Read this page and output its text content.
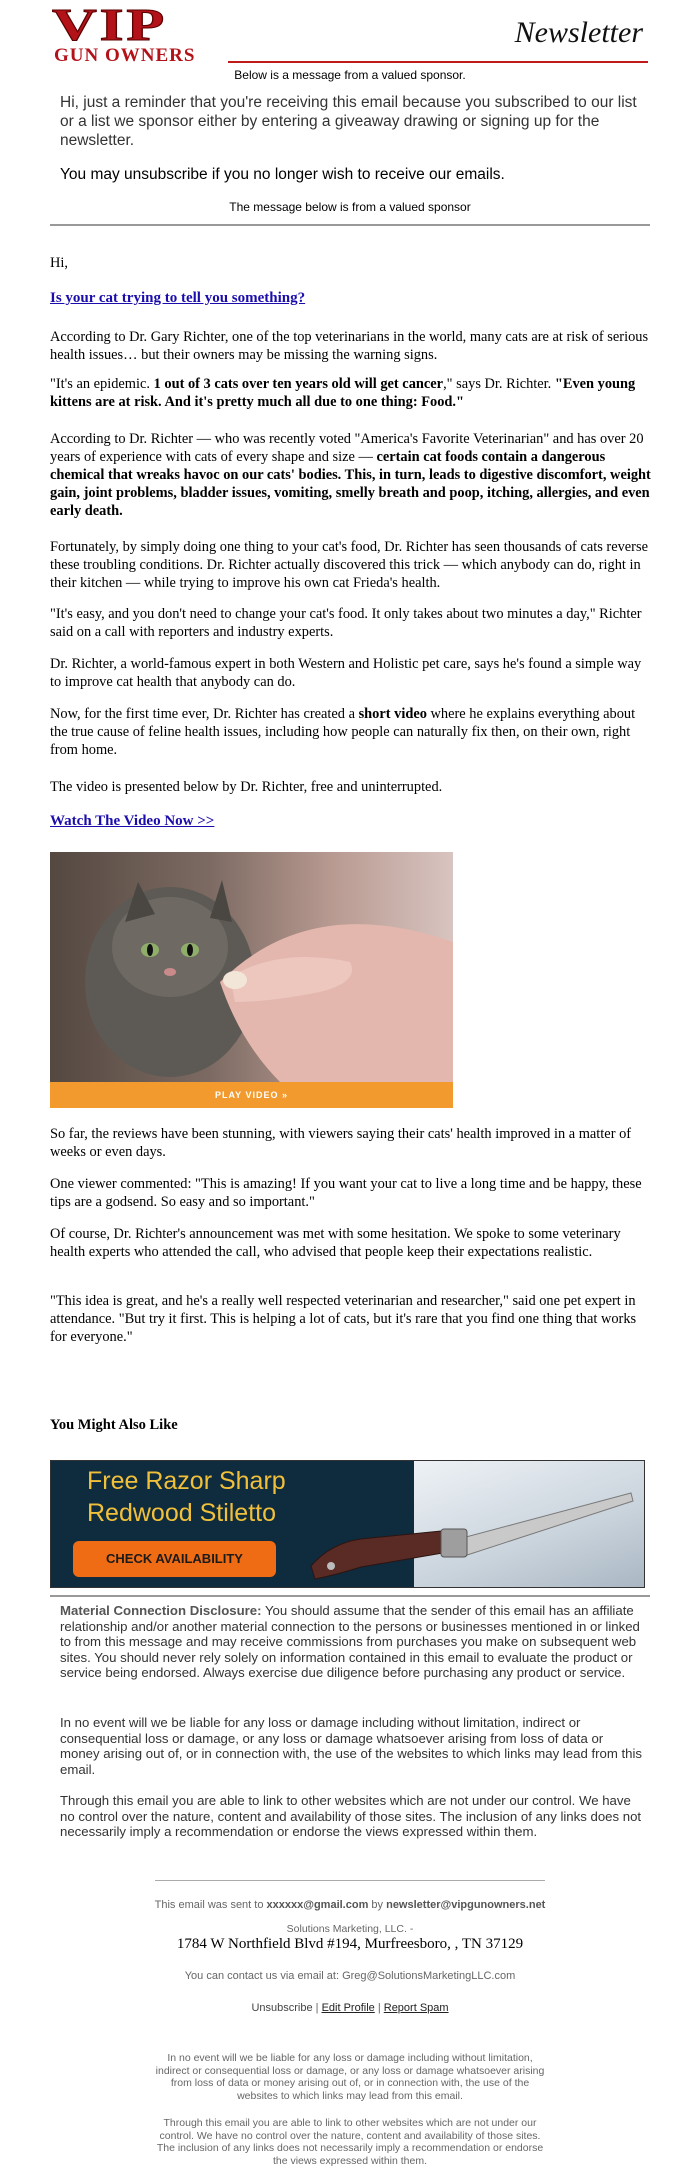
VIP
GUN OWNERS
Newsletter
Below is a message from a valued sponsor.
Hi, just a reminder that you're receiving this email because you subscribed to our list or a list we sponsor either by entering a giveaway drawing or signing up for the newsletter.
You may unsubscribe if you no longer wish to receive our emails.
The message below is from a valued sponsor
Hi,
Is your cat trying to tell you something?
According to Dr. Gary Richter, one of the top veterinarians in the world, many cats are at risk of serious health issues… but their owners may be missing the warning signs.
"It's an epidemic. 1 out of 3 cats over ten years old will get cancer," says Dr. Richter. "Even young kittens are at risk. And it's pretty much all due to one thing: Food."
According to Dr. Richter — who was recently voted "America's Favorite Veterinarian" and has over 20 years of experience with cats of every shape and size — certain cat foods contain a dangerous chemical that wreaks havoc on our cats' bodies. This, in turn, leads to digestive discomfort, weight gain, joint problems, bladder issues, vomiting, smelly breath and poop, itching, allergies, and even early death.
Fortunately, by simply doing one thing to your cat's food, Dr. Richter has seen thousands of cats reverse these troubling conditions. Dr. Richter actually discovered this trick — which anybody can do, right in their kitchen — while trying to improve his own cat Frieda's health.
"It's easy, and you don't need to change your cat's food. It only takes about two minutes a day," Richter said on a call with reporters and industry experts.
Dr. Richter, a world-famous expert in both Western and Holistic pet care, says he's found a simple way to improve cat health that anybody can do.
Now, for the first time ever, Dr. Richter has created a short video where he explains everything about the true cause of feline health issues, including how people can naturally fix then, on their own, right from home.
The video is presented below by Dr. Richter, free and uninterrupted.
Watch The Video Now >>
PLAY VIDEO »
So far, the reviews have been stunning, with viewers saying their cats' health improved in a matter of weeks or even days.
One viewer commented: "This is amazing! If you want your cat to live a long time and be happy, these tips are a godsend. So easy and so important."
Of course, Dr. Richter's announcement was met with some hesitation. We spoke to some veterinary health experts who attended the call, who advised that people keep their expectations realistic.
"This idea is great, and he's a really well respected veterinarian and researcher," said one pet expert in attendance. "But try it first. This is helping a lot of cats, but it's rare that you find one thing that works for everyone."
You Might Also Like
Free Razor Sharp
Redwood Stiletto
CHECK AVAILABILITY
Material Connection Disclosure: You should assume that the sender of this email has an affiliate relationship and/or another material connection to the persons or businesses mentioned in or linked to from this message and may receive commissions from purchases you make on subsequent web sites. You should never rely solely on information contained in this email to evaluate the product or service being endorsed. Always exercise due diligence before purchasing any product or service.
In no event will we be liable for any loss or damage including without limitation, indirect or consequential loss or damage, or any loss or damage whatsoever arising from loss of data or money arising out of, or in connection with, the use of the websites to which links may lead from this email.
Through this email you are able to link to other websites which are not under our control. We have no control over the nature, content and availability of those sites. The inclusion of any links does not necessarily imply a recommendation or endorse the views expressed within them.
This email was sent to xxxxxx@gmail.com by newsletter@vipgunowners.net
Solutions Marketing, LLC. -
1784 W Northfield Blvd #194, Murfreesboro, , TN 37129
You can contact us via email at: Greg@SolutionsMarketingLLC.com
Unsubscribe | Edit Profile | Report Spam
In no event will we be liable for any loss or damage including without limitation, indirect or consequential loss or damage, or any loss or damage whatsoever arising from loss of data or money arising out of, or in connection with, the use of the websites to which links may lead from this email.
Through this email you are able to link to other websites which are not under our control. We have no control over the nature, content and availability of those sites. The inclusion of any links does not necessarily imply a recommendation or endorse the views expressed within them.
